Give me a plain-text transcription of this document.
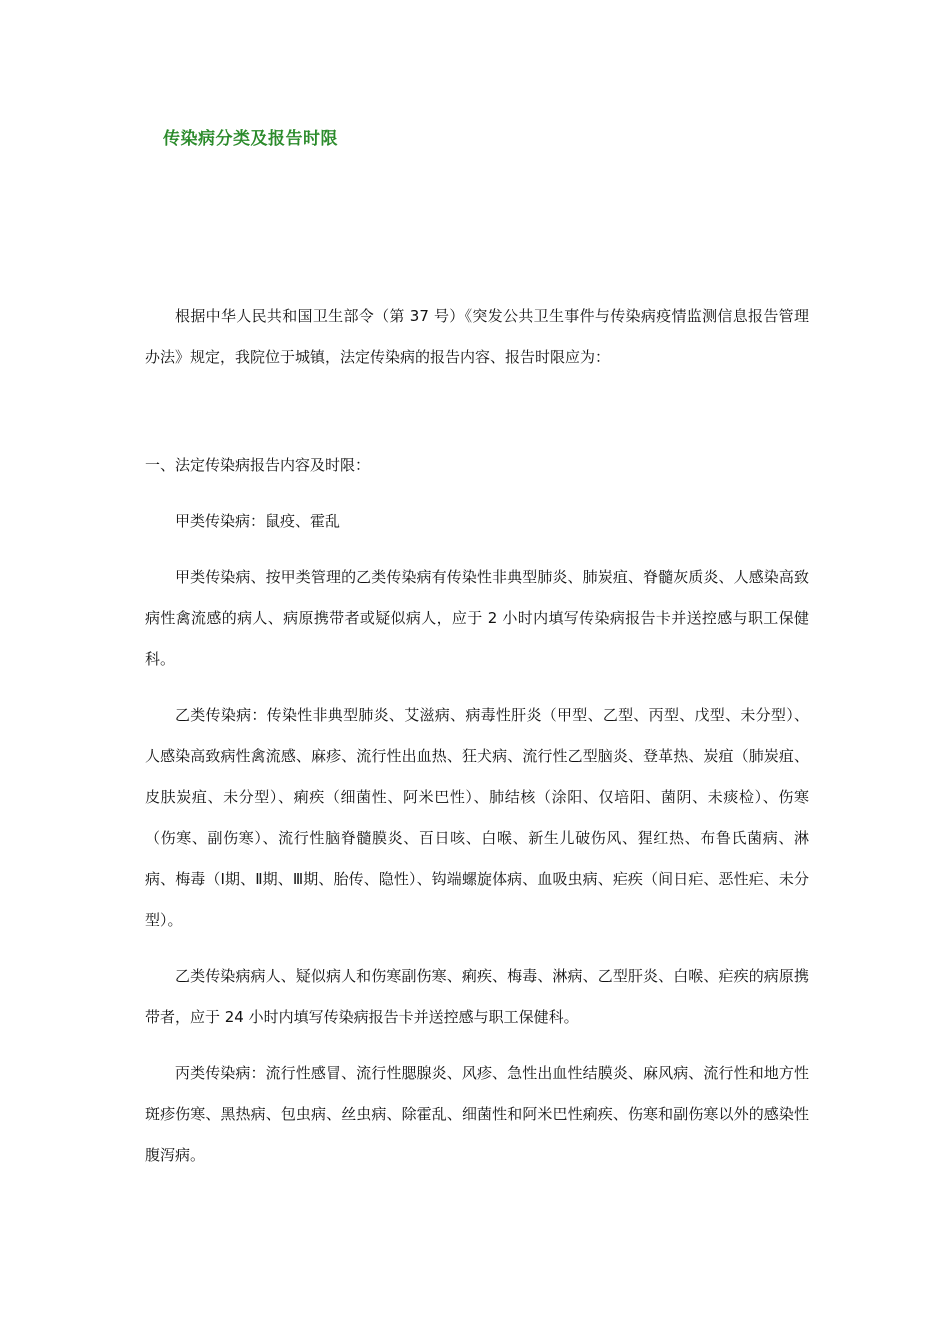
传染病分类及报告时限

根据中华人民共和国卫生部令（第 37 号）《突发公共卫生事件与传染病疫情监测信息报告管理办法》规定，我院位于城镇，法定传染病的报告内容、报告时限应为：

一、法定传染病报告内容及时限：

甲类传染病：鼠疫、霍乱

甲类传染病、按甲类管理的乙类传染病有传染性非典型肺炎、肺炭疽、脊髓灰质炎、人感染高致病性禽流感的病人、病原携带者或疑似病人，应于 2 小时内填写传染病报告卡并送控感与职工保健科。

乙类传染病：传染性非典型肺炎、艾滋病、病毒性肝炎（甲型、乙型、丙型、戊型、未分型）、人感染高致病性禽流感、麻疹、流行性出血热、狂犬病、流行性乙型脑炎、登革热、炭疽（肺炭疽、皮肤炭疽、未分型）、痢疾（细菌性、阿米巴性）、肺结核（涂阳、仅培阳、菌阴、未痰检）、伤寒（伤寒、副伤寒）、流行性脑脊髓膜炎、百日咳、白喉、新生儿破伤风、猩红热、布鲁氏菌病、淋病、梅毒（Ⅰ期、Ⅱ期、Ⅲ期、胎传、隐性）、钩端螺旋体病、血吸虫病、疟疾（间日疟、恶性疟、未分型）。

乙类传染病病人、疑似病人和伤寒副伤寒、痢疾、梅毒、淋病、乙型肝炎、白喉、疟疾的病原携带者，应于 24 小时内填写传染病报告卡并送控感与职工保健科。

丙类传染病：流行性感冒、流行性腮腺炎、风疹、急性出血性结膜炎、麻风病、流行性和地方性斑疹伤寒、黑热病、包虫病、丝虫病、除霍乱、细菌性和阿米巴性痢疾、伤寒和副伤寒以外的感染性腹泻病。
